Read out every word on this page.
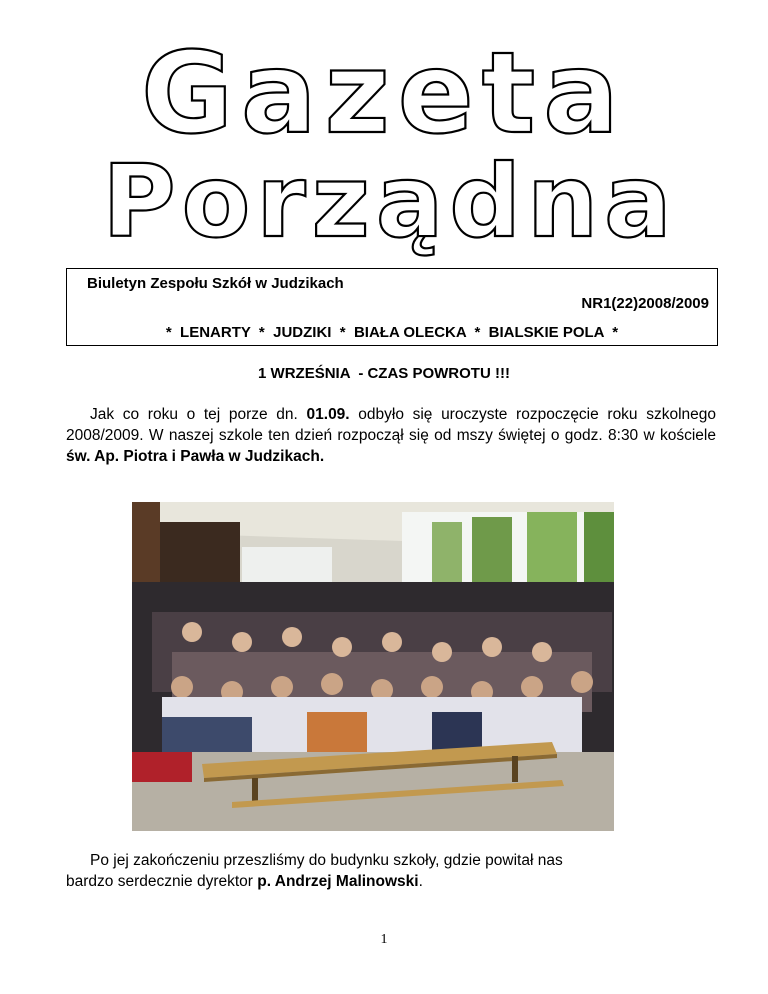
Gazeta
Porządna
Biuletyn Zespołu Szkół w Judzikach
NR1(22)2008/2009
*  LENARTY  *  JUDZIKI  *  BIAŁA OLECKA  *  BIALSKIE POLA  *
1 WRZEŚNIA  - CZAS POWROTU !!!
Jak co roku o tej porze dn. 01.09. odbyło się uroczyste rozpoczęcie roku szkolnego 2008/2009. W naszej szkole ten dzień rozpoczął się od mszy świętej o godz. 8:30 w kościele św. Ap. Piotra i Pawła w Judzikach.
Po jej zakończeniu przeszliśmy do budynku szkoły, gdzie powitał nas
bardzo serdecznie dyrektor p. Andrzej Malinowski.
1
